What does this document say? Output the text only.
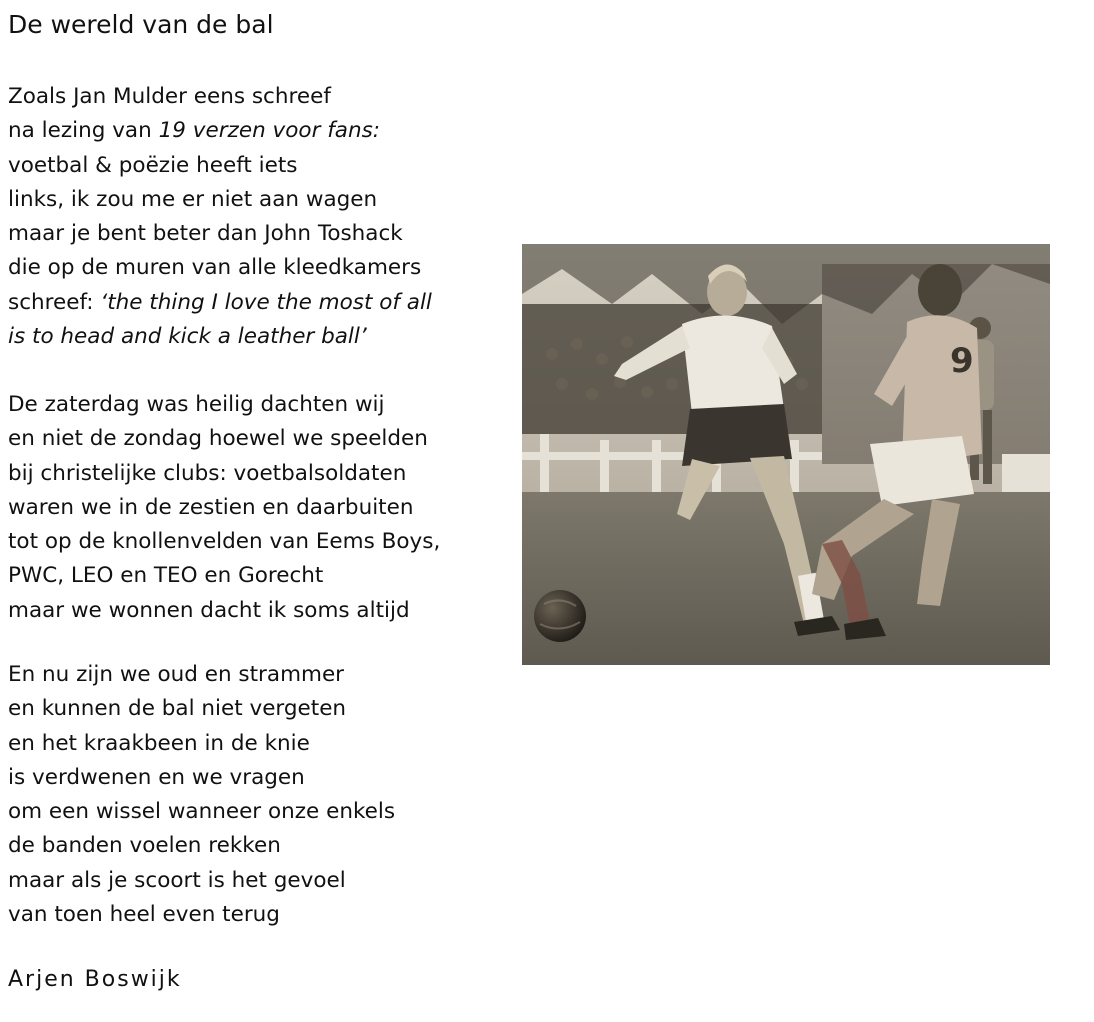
De wereld van de bal
Zoals Jan Mulder eens schreef
na lezing van 19 verzen voor fans:
voetbal & poëzie heeft iets
links, ik zou me er niet aan wagen
maar je bent beter dan John Toshack
die op de muren van alle kleedkamers
schreef: ‘the thing I love the most of all
is to head and kick a leather ball’
De zaterdag was heilig dachten wij
en niet de zondag hoewel we speelden
bij christelijke clubs: voetbalsoldaten
waren we in de zestien en daarbuiten
tot op de knollenvelden van Eems Boys,
PWC, LEO en TEO en Gorecht
maar we wonnen dacht ik soms altijd
En nu zijn we oud en strammer
en kunnen de bal niet vergeten
en het kraakbeen in de knie
is verdwenen en we vragen
om een wissel wanneer onze enkels
de banden voelen rekken
maar als je scoort is het gevoel
van toen heel even terug
Arjen Boswijk
9
